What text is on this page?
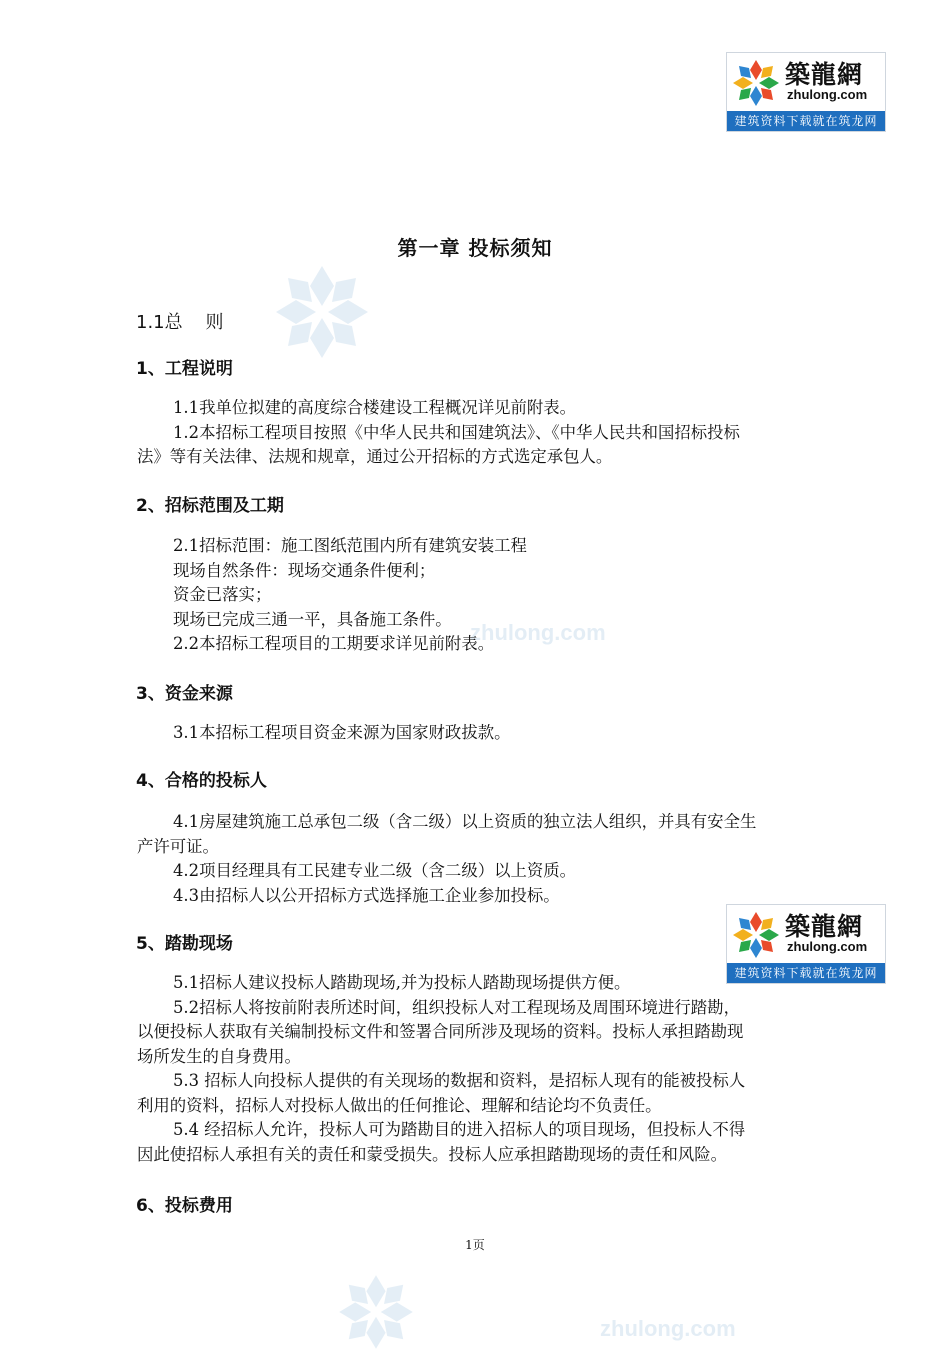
zhulong.com
zhulong.com
築龍網
zhulong.com
建筑资料下载就在筑龙网
築龍網
zhulong.com
建筑资料下载就在筑龙网
第一章 投标须知
1.1总    则
1、工程说明
1.1我单位拟建的高度综合楼建设工程概况详见前附表。
1.2本招标工程项目按照《中华人民共和国建筑法》、《中华人民共和国招标投标
法》等有关法律、法规和规章，通过公开招标的方式选定承包人。
2、招标范围及工期
2.1招标范围：施工图纸范围内所有建筑安装工程
现场自然条件：现场交通条件便利；
资金已落实；
现场已完成三通一平，具备施工条件。
2.2本招标工程项目的工期要求详见前附表。
3、资金来源
3.1本招标工程项目资金来源为国家财政拔款。
4、合格的投标人
4.1房屋建筑施工总承包二级（含二级）以上资质的独立法人组织，并具有安全生
产许可证。
4.2项目经理具有工民建专业二级（含二级）以上资质。
4.3由招标人以公开招标方式选择施工企业参加投标。
5、踏勘现场
5.1招标人建议投标人踏勘现场,并为投标人踏勘现场提供方便。
5.2招标人将按前附表所述时间，组织投标人对工程现场及周围环境进行踏勘，
以便投标人获取有关编制投标文件和签署合同所涉及现场的资料。投标人承担踏勘现
场所发生的自身费用。
5.3 招标人向投标人提供的有关现场的数据和资料，是招标人现有的能被投标人
利用的资料，招标人对投标人做出的任何推论、理解和结论均不负责任。
5.4 经招标人允许，投标人可为踏勘目的进入招标人的项目现场，但投标人不得
因此使招标人承担有关的责任和蒙受损失。投标人应承担踏勘现场的责任和风险。
6、投标费用
1页
